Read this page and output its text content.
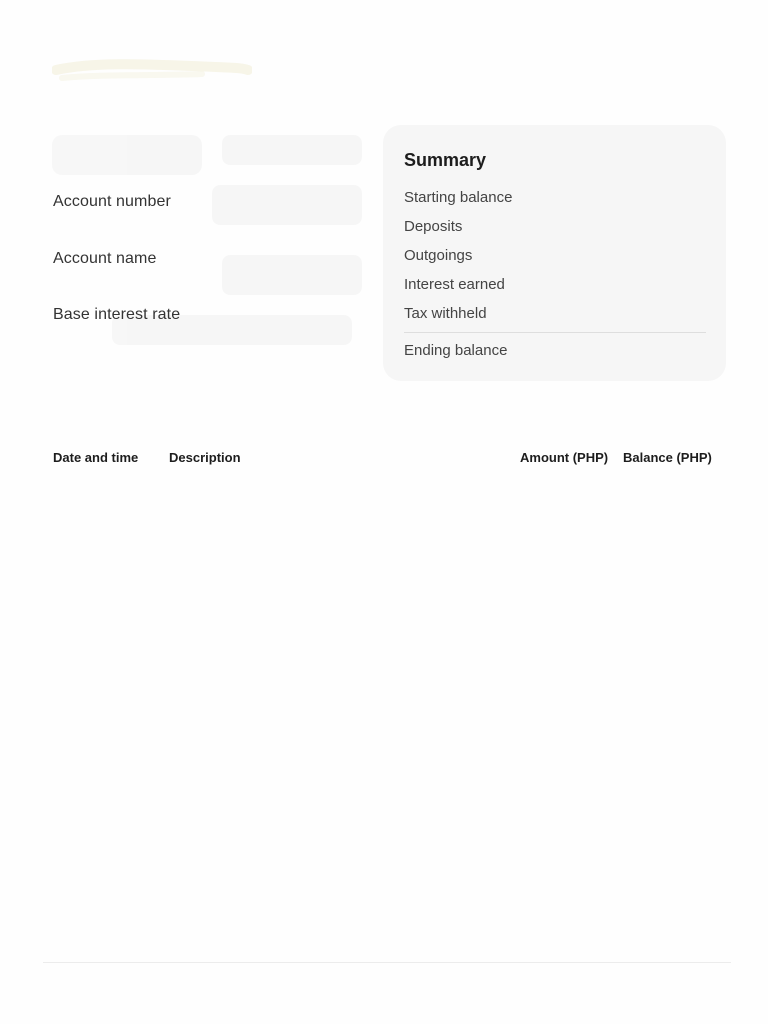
Account number
Account name
Base interest rate
Summary
Starting balance
Deposits
Outgoings
Interest earned
Tax withheld
Ending balance
Date and time Description	Amount (PHP) Balance (PHP)
